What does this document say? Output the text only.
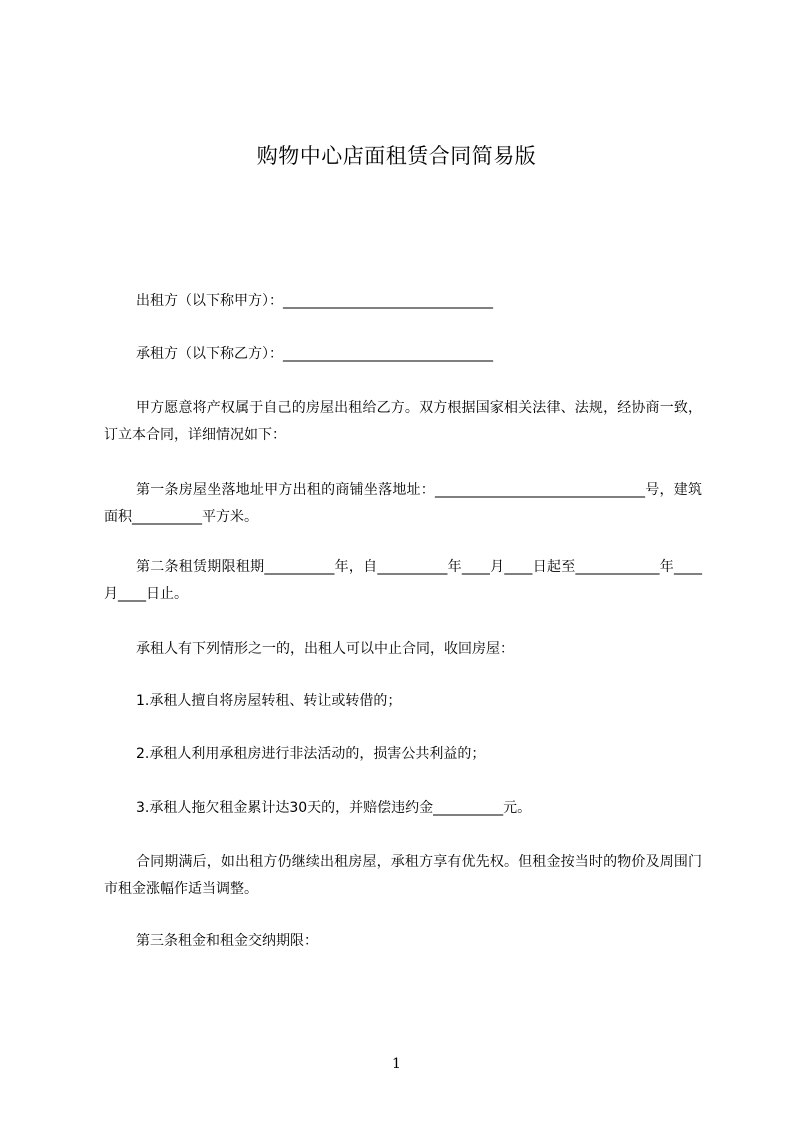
购物中心店面租赁合同简易版
出租方（以下称甲方）：______________________________
承租方（以下称乙方）：______________________________
甲方愿意将产权属于自己的房屋出租给乙方。双方根据国家相关法律、法规，经协商一致，订立本合同，详细情况如下：
第一条房屋坐落地址甲方出租的商铺坐落地址：______________________________号，建筑面积__________平方米。
第二条租赁期限租期__________年，自__________年____月____日起至____________年____月____日止。
承租人有下列情形之一的，出租人可以中止合同，收回房屋：
1.承租人擅自将房屋转租、转让或转借的；
2.承租人利用承租房进行非法活动的，损害公共利益的；
3.承租人拖欠租金累计达30天的，并赔偿违约金__________元。
合同期满后，如出租方仍继续出租房屋，承租方享有优先权。但租金按当时的物价及周围门市租金涨幅作适当调整。
第三条租金和租金交纳期限：
1
